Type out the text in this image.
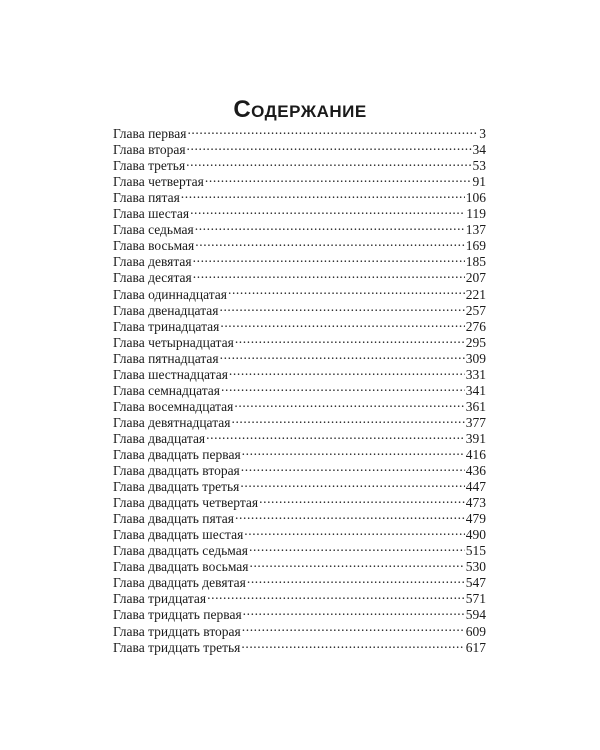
Содержание
Глава первая .....	3
Глава вторая .....	34
Глава третья .....	53
Глава четвертая .....	91
Глава пятая .....	106
Глава шестая .....	119
Глава седьмая .....	137
Глава восьмая .....	169
Глава девятая .....	185
Глава десятая .....	207
Глава одиннадцатая .....	221
Глава двенадцатая .....	257
Глава тринадцатая .....	276
Глава четырнадцатая .....	295
Глава пятнадцатая .....	309
Глава шестнадцатая .....	331
Глава семнадцатая .....	341
Глава восемнадцатая .....	361
Глава девятнадцатая .....	377
Глава двадцатая .....	391
Глава двадцать первая .....	416
Глава двадцать вторая .....	436
Глава двадцать третья .....	447
Глава двадцать четвертая .....	473
Глава двадцать пятая .....	479
Глава двадцать шестая .....	490
Глава двадцать седьмая .....	515
Глава двадцать восьмая .....	530
Глава двадцать девятая .....	547
Глава тридцатая .....	571
Глава тридцать первая .....	594
Глава тридцать вторая .....	609
Глава тридцать третья .....	617
